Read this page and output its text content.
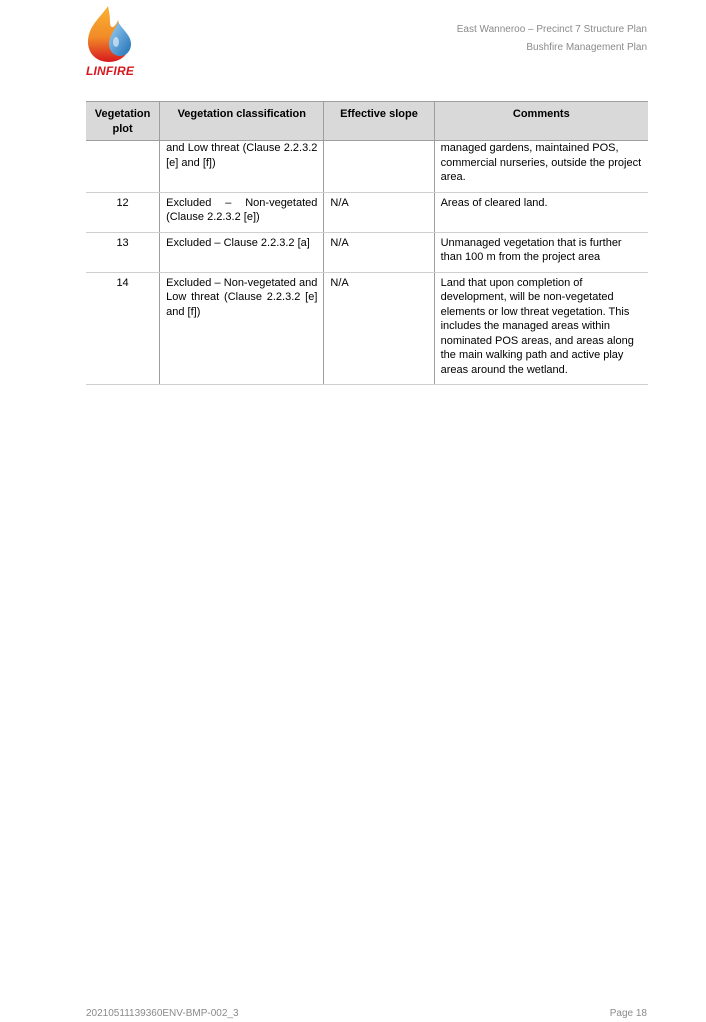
LINFIRE
East Wanneroo – Precinct 7 Structure Plan
Bushfire Management Plan
Vegetation plot	Vegetation classification	Effective slope	Comments
	and Low threat (Clause 2.2.3.2 [e] and [f])		managed gardens, maintained POS, commercial nurseries, outside the project area.
12	Excluded – Non-vegetated (Clause 2.2.3.2 [e])	N/A	Areas of cleared land.
13	Excluded – Clause 2.2.3.2 [a]	N/A	Unmanaged vegetation that is further than 100 m from the project area
14	Excluded – Non-vegetated and Low threat (Clause 2.2.3.2 [e] and [f])	N/A	Land that upon completion of development, will be non-vegetated elements or low threat vegetation. This includes the managed areas within nominated POS areas, and areas along the main walking path and active play areas around the wetland.
20210511139360ENV-BMP-002_3	Page 18
